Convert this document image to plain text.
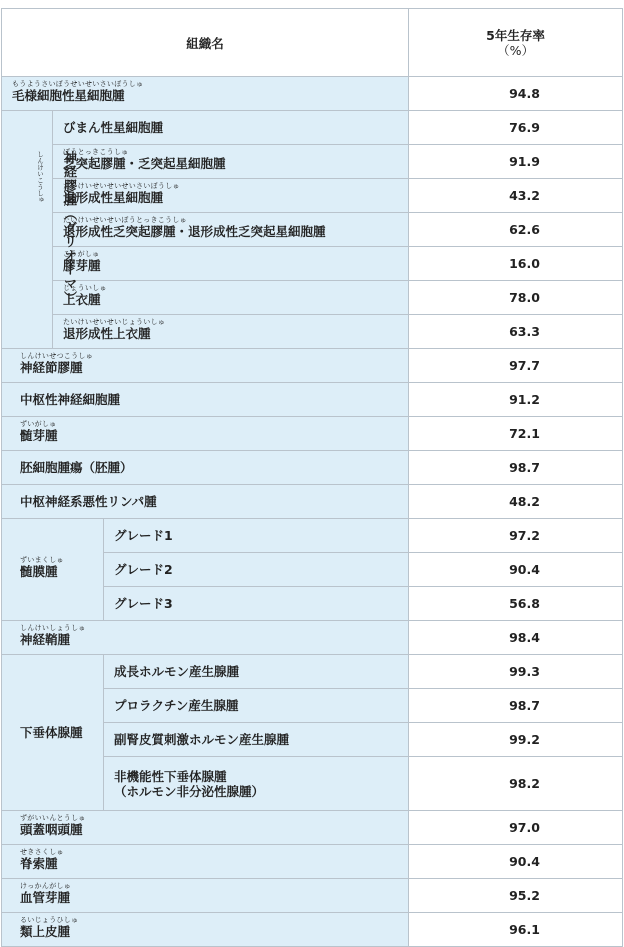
組織名			5年生存率
（%）

もうようさいぼうせいせいさいぼうしゅ
毛様細胞性星細胞腫			94.8
神経膠腫（グリオーマ）
しんけいこうしゅ	びまん性星細胞腫		76.9

	ぼうとっきこうしゅ
乏突起膠腫・乏突起星細胞腫		91.9

	たいけいせいせいせいさいぼうしゅ
退形成性星細胞腫		43.2

	たいけいせいせいぼうとっきこうしゅ
退形成性乏突起膠腫・退形成性乏突起星細胞腫		62.6

	こうがしゅ
膠芽腫		16.0

	じょういしゅ
上衣腫		78.0

	たいけいせいせいじょういしゅ
退形成性上衣腫		63.3

しんけいせつこうしゅ
神経節膠腫			97.7

中枢性神経細胞腫			91.2

ずいがしゅ
髄芽腫			72.1

胚細胞腫瘍（胚腫）			98.7

中枢神経系悪性リンパ腫			48.2

ずいまくしゅ
髄膜腫		グレード1	97.2

		グレード2	90.4

		グレード3	56.8

しんけいしょうしゅ
神経鞘腫			98.4

下垂体腺腫		成長ホルモン産生腺腫	99.3

		プロラクチン産生腺腫	98.7

		副腎皮質刺激ホルモン産生腺腫	99.2

		非機能性下垂体腺腫
（ホルモン非分泌性腺腫）	98.2

ずがいいんとうしゅ
頭蓋咽頭腫			97.0

せきさくしゅ
脊索腫			90.4

けっかんがしゅ
血管芽腫			95.2

るいじょうひしゅ
類上皮腫			96.1
